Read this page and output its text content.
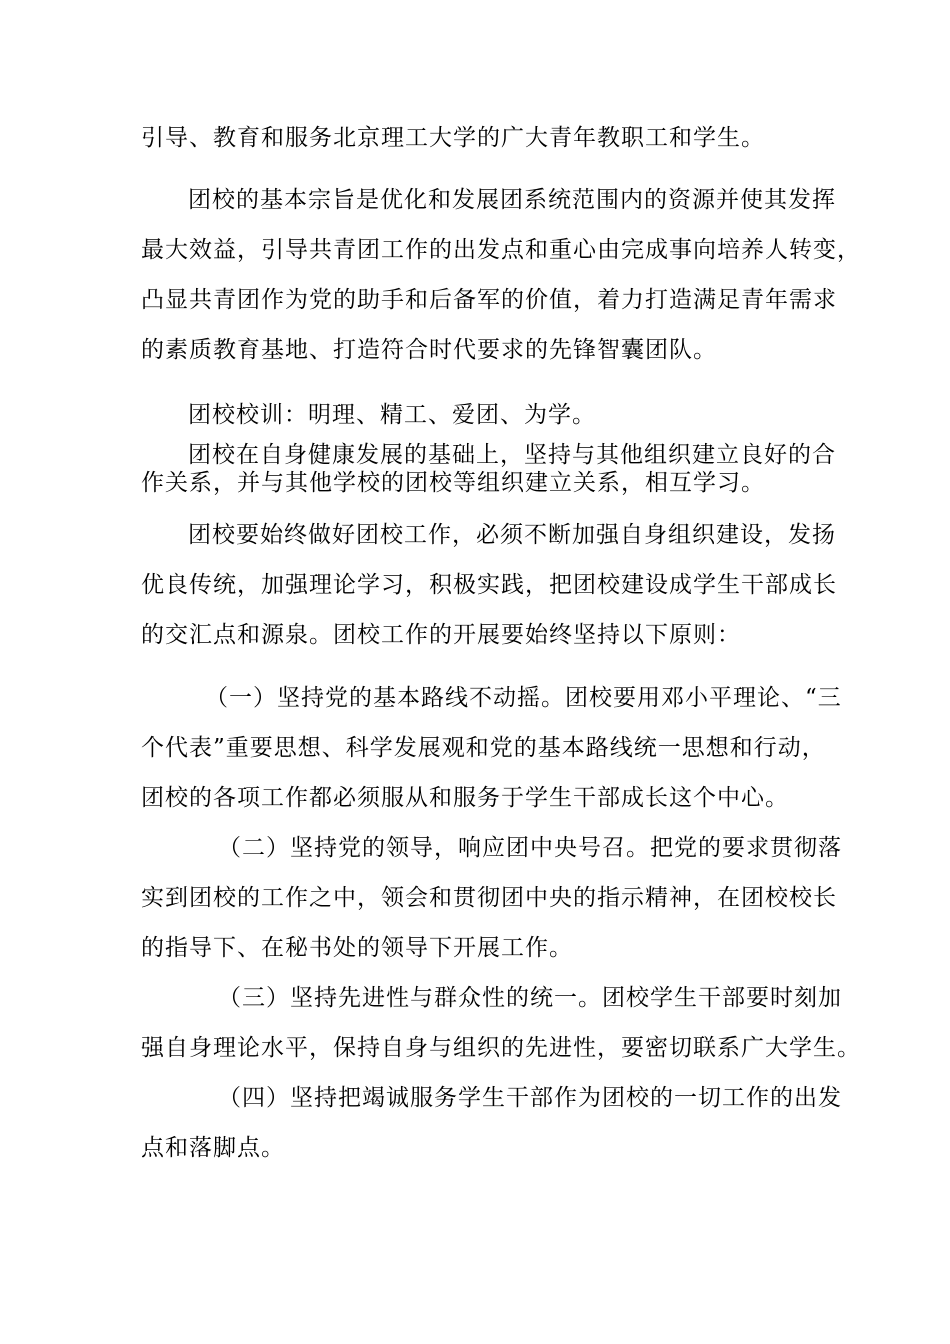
引导、教育和服务北京理工大学的广大青年教职工和学生。
团校的基本宗旨是优化和发展团系统范围内的资源并使其发挥
最大效益，引导共青团工作的出发点和重心由完成事向培养人转变，
凸显共青团作为党的助手和后备军的价值，着力打造满足青年需求
的素质教育基地、打造符合时代要求的先锋智囊团队。
团校校训：明理、精工、爱团、为学。
团校在自身健康发展的基础上，坚持与其他组织建立良好的合
作关系，并与其他学校的团校等组织建立关系，相互学习。
团校要始终做好团校工作，必须不断加强自身组织建设，发扬
优良传统，加强理论学习，积极实践，把团校建设成学生干部成长
的交汇点和源泉。团校工作的开展要始终坚持以下原则：
（一）坚持党的基本路线不动摇。团校要用邓小平理论、“三
个代表”重要思想、科学发展观和党的基本路线统一思想和行动，
团校的各项工作都必须服从和服务于学生干部成长这个中心。
（二）坚持党的领导，响应团中央号召。把党的要求贯彻落
实到团校的工作之中，领会和贯彻团中央的指示精神，在团校校长
的指导下、在秘书处的领导下开展工作。
（三）坚持先进性与群众性的统一。团校学生干部要时刻加
强自身理论水平，保持自身与组织的先进性，要密切联系广大学生。
（四）坚持把竭诚服务学生干部作为团校的一切工作的出发
点和落脚点。
